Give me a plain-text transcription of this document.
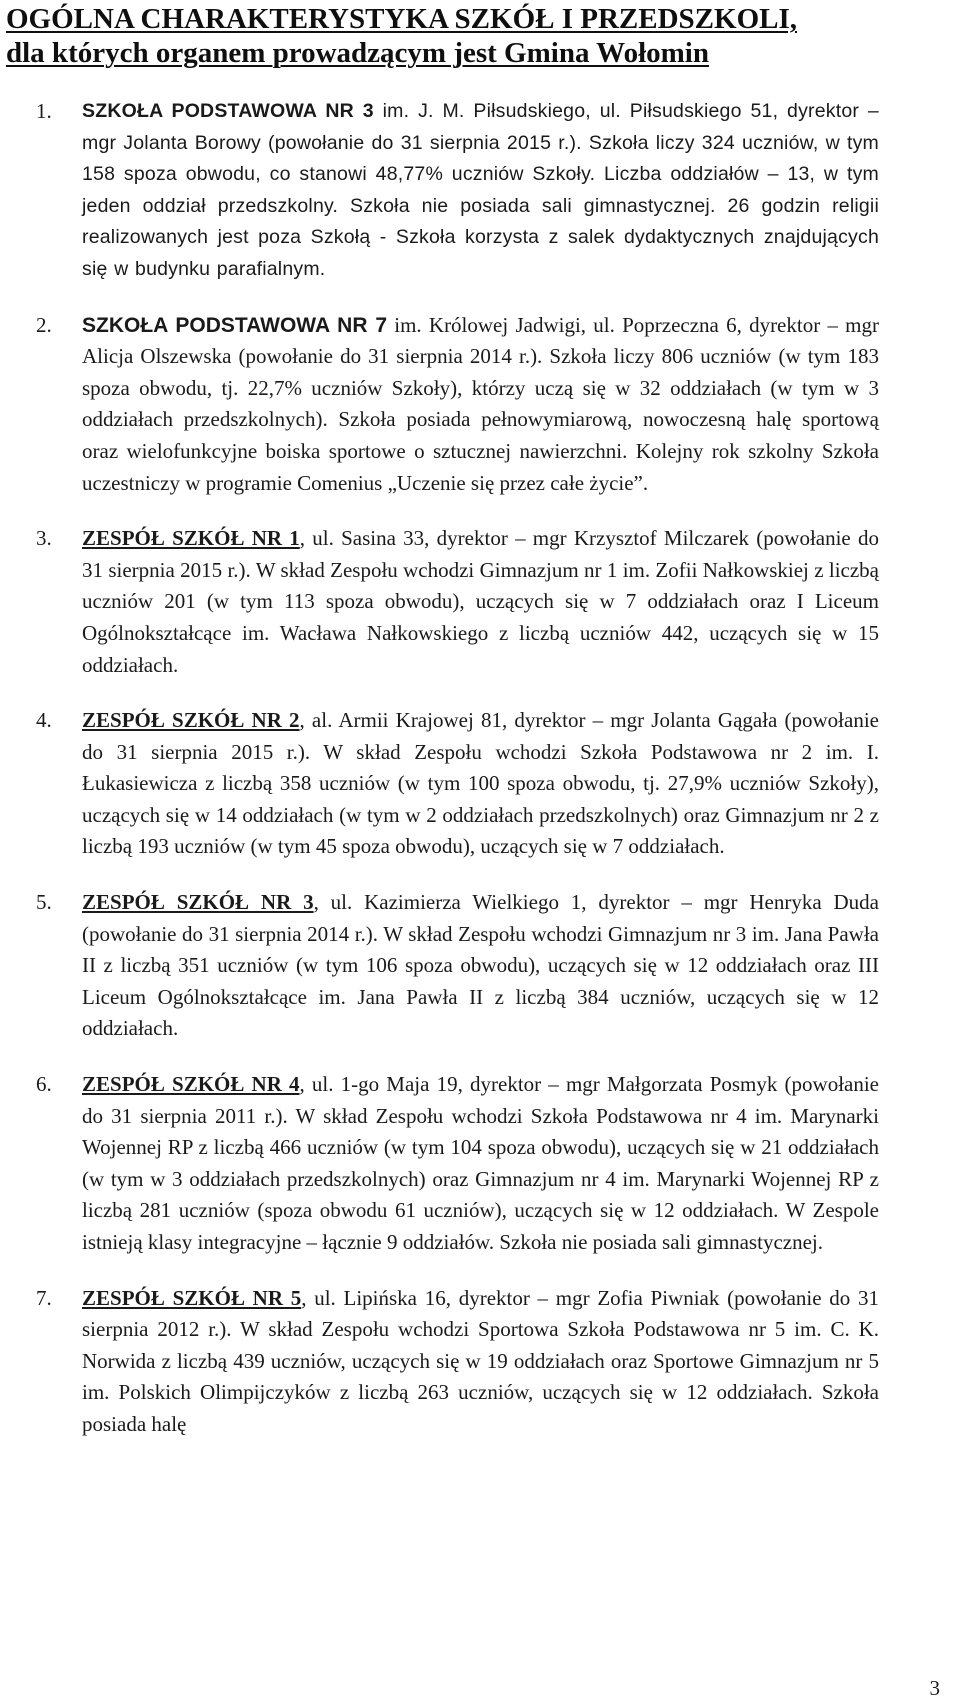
OGÓLNA CHARAKTERYSTYKA SZKÓŁ I PRZEDSZKOLI,
dla których organem prowadzącym jest Gmina Wołomin
1. SZKOŁA PODSTAWOWA NR 3 im. J. M. Piłsudskiego, ul. Piłsudskiego 51, dyrektor – mgr Jolanta Borowy (powołanie do 31 sierpnia 2015 r.). Szkoła liczy 324 uczniów, w tym 158 spoza obwodu, co stanowi 48,77% uczniów Szkoły. Liczba oddziałów – 13, w tym jeden oddział przedszkolny. Szkoła nie posiada sali gimnastycznej. 26 godzin religii realizowanych jest poza Szkołą - Szkoła korzysta z salek dydaktycznych znajdujących się w budynku parafialnym.
2. SZKOŁA PODSTAWOWA NR 7 im. Królowej Jadwigi, ul. Poprzeczna 6, dyrektor – mgr Alicja Olszewska (powołanie do 31 sierpnia 2014 r.). Szkoła liczy 806 uczniów (w tym 183 spoza obwodu, tj. 22,7% uczniów Szkoły), którzy uczą się w 32 oddziałach (w tym w 3 oddziałach przedszkolnych). Szkoła posiada pełnowymiarową, nowoczesną halę sportową oraz wielofunkcyjne boiska sportowe o sztucznej nawierzchni. Kolejny rok szkolny Szkoła uczestniczy w programie Comenius „Uczenie się przez całe życie”.
3. ZESPÓŁ SZKÓŁ NR 1, ul. Sasina 33, dyrektor – mgr Krzysztof Milczarek (powołanie do 31 sierpnia 2015 r.). W skład Zespołu wchodzi Gimnazjum nr 1 im. Zofii Nałkowskiej z liczbą uczniów 201 (w tym 113 spoza obwodu), uczących się w 7 oddziałach oraz I Liceum Ogólnokształcące im. Wacława Nałkowskiego z liczbą uczniów 442, uczących się w 15 oddziałach.
4. ZESPÓŁ SZKÓŁ NR 2, al. Armii Krajowej 81, dyrektor – mgr Jolanta Gągała (powołanie do 31 sierpnia 2015 r.). W skład Zespołu wchodzi Szkoła Podstawowa nr 2 im. I. Łukasiewicza z liczbą 358 uczniów (w tym 100 spoza obwodu, tj. 27,9% uczniów Szkoły), uczących się w 14 oddziałach (w tym w 2 oddziałach przedszkolnych) oraz Gimnazjum nr 2 z liczbą 193 uczniów (w tym 45 spoza obwodu), uczących się w 7 oddziałach.
5. ZESPÓŁ SZKÓŁ NR 3, ul. Kazimierza Wielkiego 1, dyrektor – mgr Henryka Duda (powołanie do 31 sierpnia 2014 r.). W skład Zespołu wchodzi Gimnazjum nr 3 im. Jana Pawła II z liczbą 351 uczniów (w tym 106 spoza obwodu), uczących się w 12 oddziałach oraz III Liceum Ogólnokształcące im. Jana Pawła II z liczbą 384 uczniów, uczących się w 12 oddziałach.
6. ZESPÓŁ SZKÓŁ NR 4, ul. 1-go Maja 19, dyrektor – mgr Małgorzata Posmyk (powołanie do 31 sierpnia 2011 r.). W skład Zespołu wchodzi Szkoła Podstawowa nr 4 im. Marynarki Wojennej RP z liczbą 466 uczniów (w tym 104 spoza obwodu), uczących się w 21 oddziałach (w tym w 3 oddziałach przedszkolnych) oraz Gimnazjum nr 4 im. Marynarki Wojennej RP z liczbą 281 uczniów (spoza obwodu 61 uczniów), uczących się w 12 oddziałach. W Zespole istnieją klasy integracyjne – łącznie 9 oddziałów. Szkoła nie posiada sali gimnastycznej.
7. ZESPÓŁ SZKÓŁ NR 5, ul. Lipińska 16, dyrektor – mgr Zofia Piwniak (powołanie do 31 sierpnia 2012 r.). W skład Zespołu wchodzi Sportowa Szkoła Podstawowa nr 5 im. C. K. Norwida z liczbą 439 uczniów, uczących się w 19 oddziałach oraz Sportowe Gimnazjum nr 5 im. Polskich Olimpijczyków z liczbą 263 uczniów, uczących się w 12 oddziałach. Szkoła posiada halę
3
